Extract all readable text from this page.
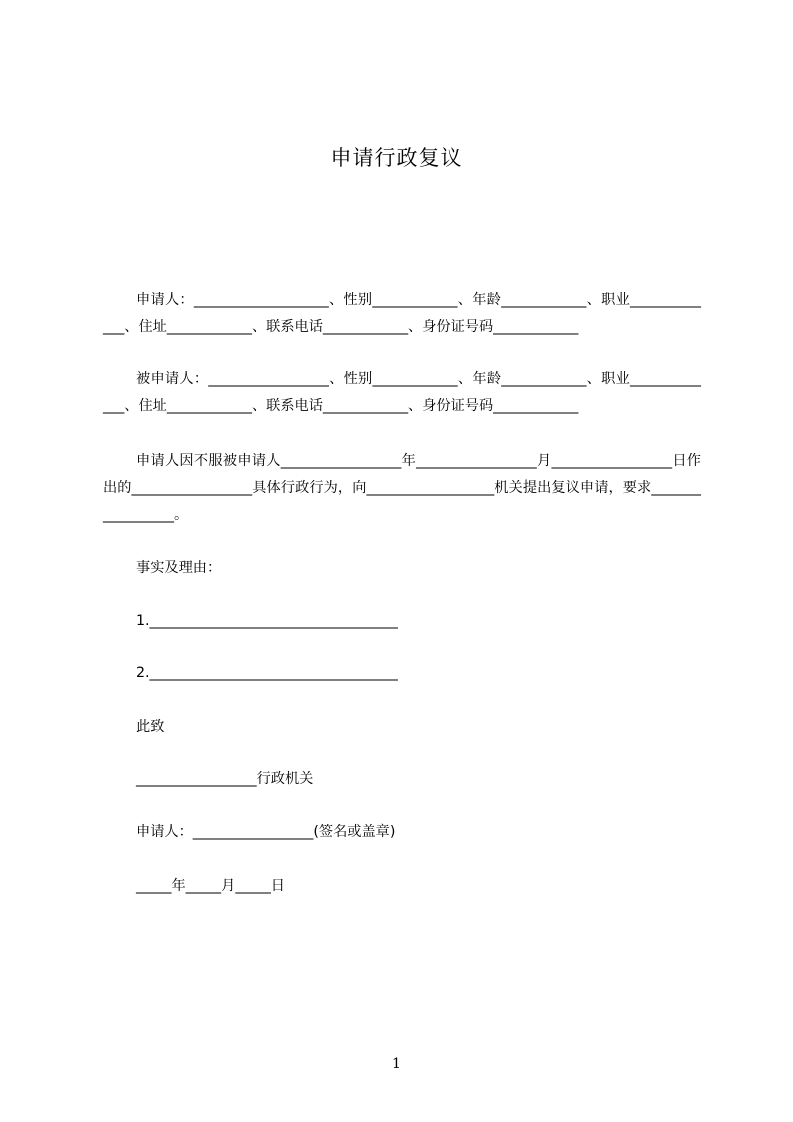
申请行政复议
申请人：___________________、性别____________、年龄____________、职业_____________、住址____________、联系电话____________、身份证号码____________
被申请人：_________________、性别____________、年龄____________、职业_____________、住址____________、联系电话____________、身份证号码____________
申请人因不服被申请人_________________年_________________月_________________日作出的_________________具体行政行为，向__________________机关提出复议申请，要求_________________。
事实及理由：
1.___________________________________
2.___________________________________
此致
_________________行政机关
申请人：_________________(签名或盖章)
_____年_____月_____日
1
